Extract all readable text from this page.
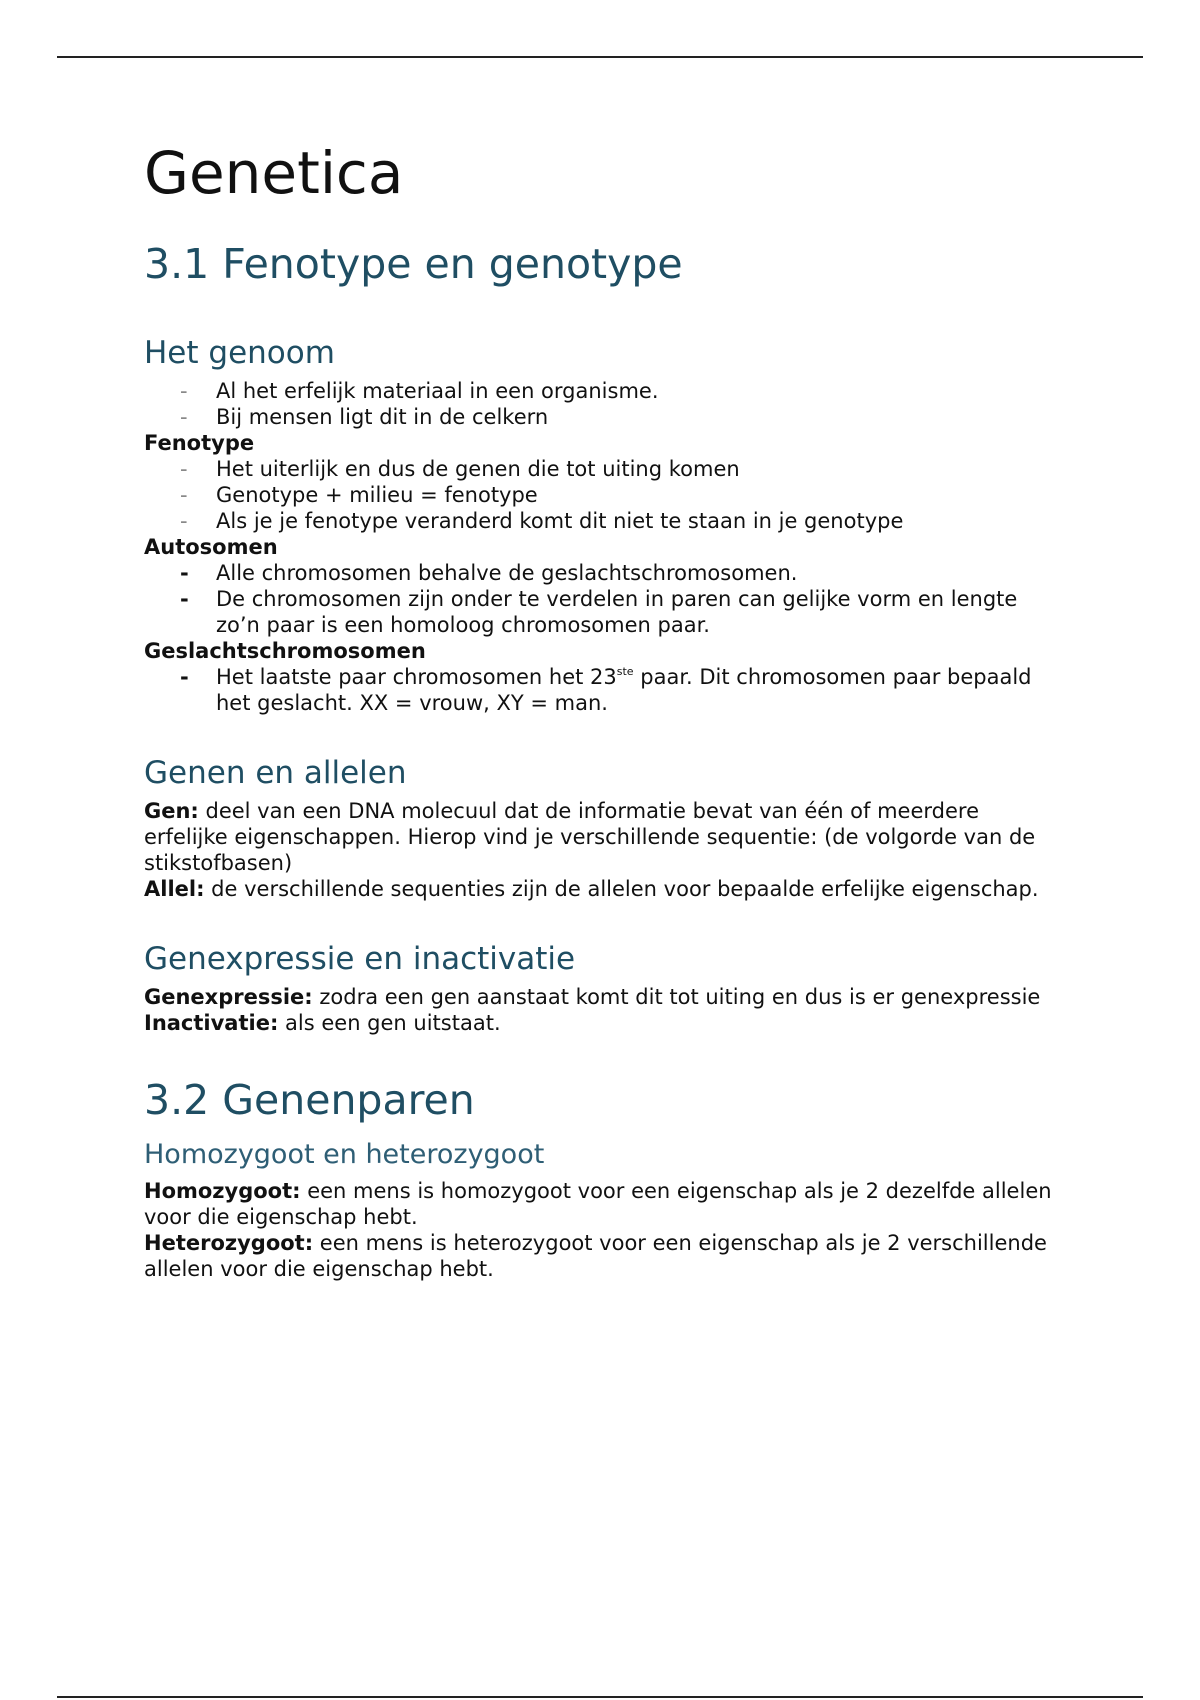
Genetica
3.1 Fenotype en genotype
Het genoom
- Al het erfelijk materiaal in een organisme.
- Bij mensen ligt dit in de celkern

Fenotype

- Het uiterlijk en dus de genen die tot uiting komen
- Genotype + milieu = fenotype
- Als je je fenotype veranderd komt dit niet te staan in je genotype

Autosomen

- Alle chromosomen behalve de geslachtschromosomen.
- De chromosomen zijn onder te verdelen in paren can gelijke vorm en lengte zo’n paar is een homoloog chromosomen paar.

Geslachtschromosomen

- Het laatste paar chromosomen het 23ste paar. Dit chromosomen paar bepaald het geslacht. XX = vrouw, XY = man.
Genen en allelen

Gen: deel van een DNA molecuul dat de informatie bevat van één of meerdere erfelijke eigenschappen. Hierop vind je verschillende sequentie: (de volgorde van de stikstofbasen)

Allel: de verschillende sequenties zijn de allelen voor bepaalde erfelijke eigenschap.

Genexpressie en inactivatie

Genexpressie: zodra een gen aanstaat komt dit tot uiting en dus is er genexpressie

Inactivatie: als een gen uitstaat.

3.2 Genenparen
Homozygoot en heterozygoot

Homozygoot: een mens is homozygoot voor een eigenschap als je 2 dezelfde allelen voor die eigenschap hebt.

Heterozygoot: een mens is heterozygoot voor een eigenschap als je 2 verschillende allelen voor die eigenschap hebt.
